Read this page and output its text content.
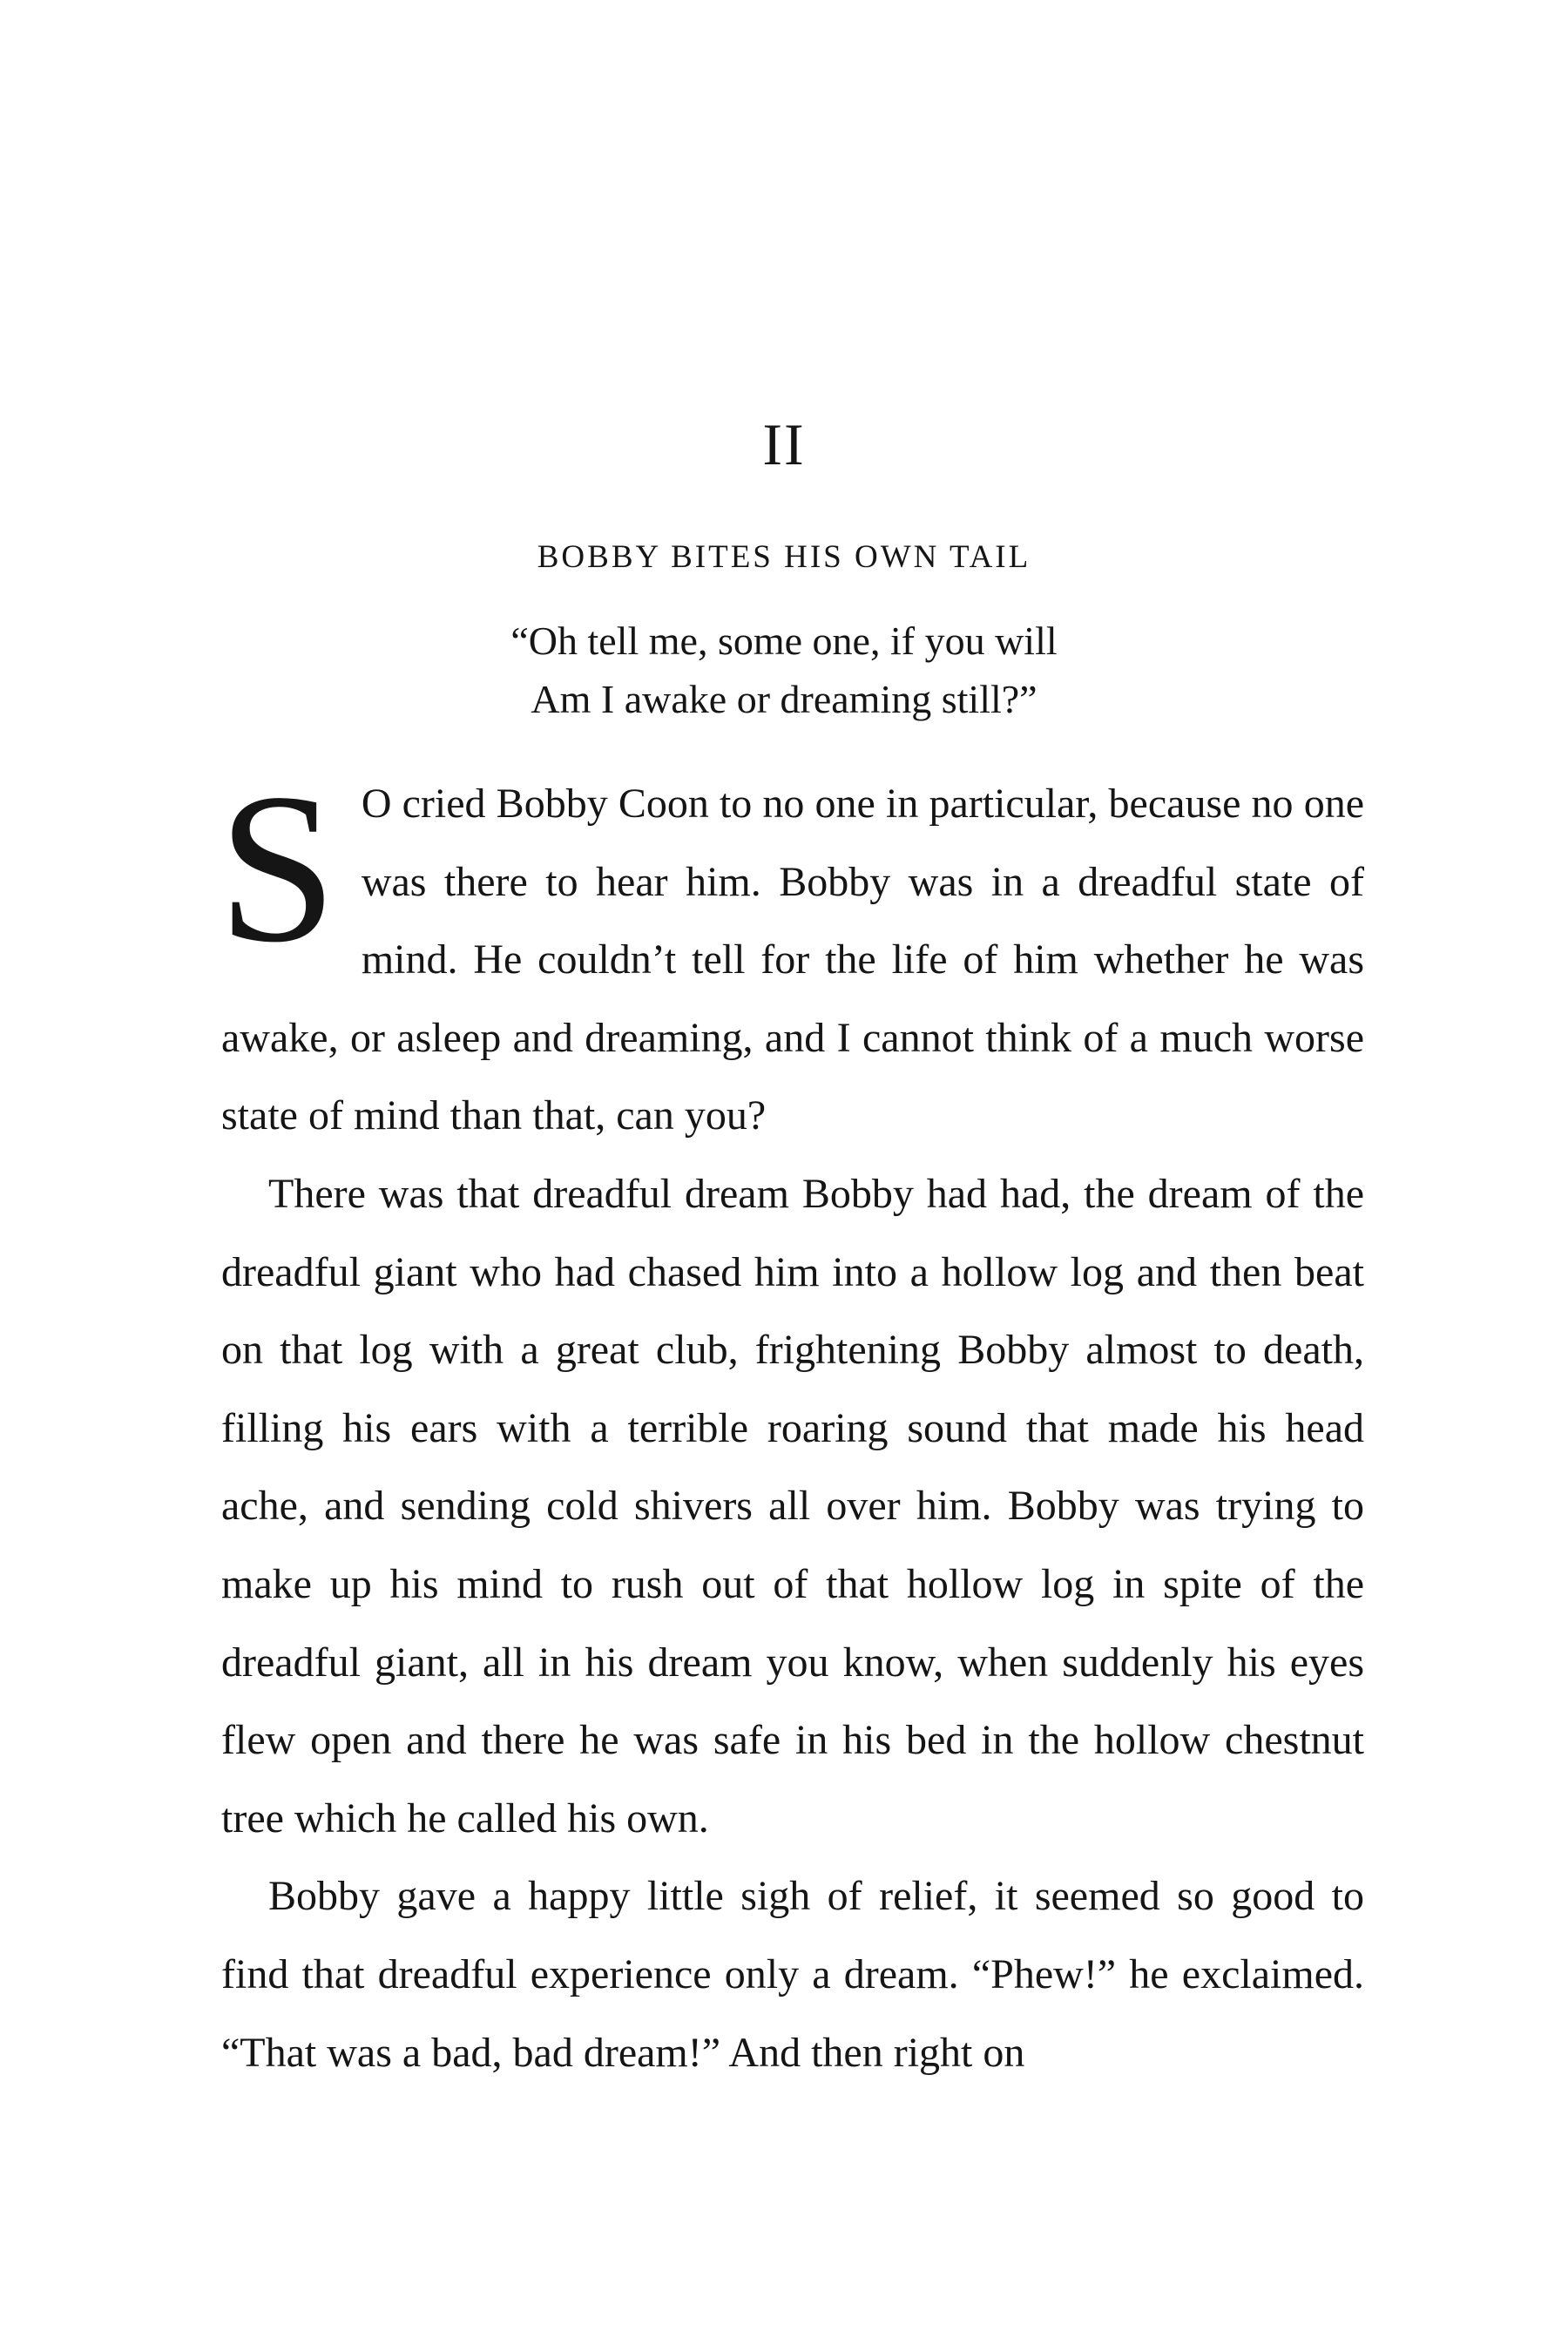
II
BOBBY BITES HIS OWN TAIL
“Oh tell me, some one, if you will
Am I awake or dreaming still?”

S O cried Bobby Coon to no one in particular, because no one was there to hear him. Bobby was in a dreadful state of mind. He couldn’t tell for the life of him whether he was awake, or asleep and dreaming, and I cannot think of a much worse state of mind than that, can you?

There was that dreadful dream Bobby had had, the dream of the dreadful giant who had chased him into a hollow log and then beat on that log with a great club, frightening Bobby almost to death, filling his ears with a terrible roaring sound that made his head ache, and sending cold shivers all over him. Bobby was trying to make up his mind to rush out of that hollow log in spite of the dreadful giant, all in his dream you know, when suddenly his eyes flew open and there he was safe in his bed in the hollow chestnut tree which he called his own.

Bobby gave a happy little sigh of relief, it seemed so good to find that dreadful experience only a dream. “Phew!” he exclaimed. “That was a bad, bad dream!” And then right on
